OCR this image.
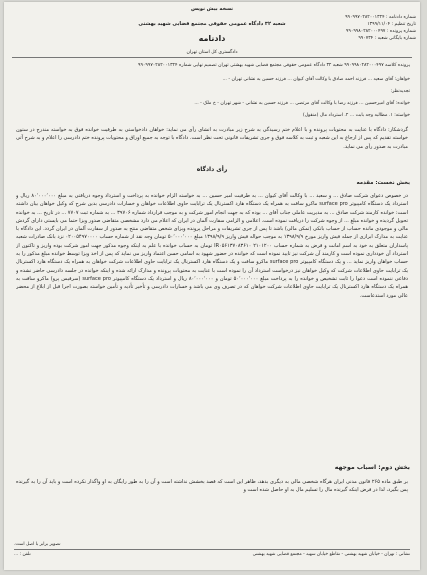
نسخه بیش نویس
شماره دادنامه : ۹۹۰۹۹۷۰۲۸۲۰۰۱۳۲۴
تاریخ تنظیم : ۱۳۹۹/۱۱/۰۴
شماره پرونده : ۹۹۰۹۹۸۰۲۸۲۰۰۰۴۹۷
شماره بایگانی شعبه : ۹۹۰۷۳۴
شعبه ۳۲ دادگاه عمومی حقوقی مجتمع قضایی شهید بهشتی
دادنامه
دادگستری کل استان تهران
پرونده کلاسه ۹۹۰۹۹۸۰۲۸۲۰۰۰۴۹۷ شعبه ۳۲ دادگاه عمومی حقوقی مجتمع قضایی شهید بهشتی تهران تصمیم نهایی شماره ۹۹۰۹۹۷۰۲۸۲۰۰۱۳۲۴
خواهان: آقای سعید ... فرزند احمد صادق با وکالت آقای کیوان ... فرزند حسین به نشانی تهران - ...
تجدیدنظر:
خوانده: آقای امیرحسین ... فرزند رضا با وکالت آقای مرتضی ... فرزند حسین به نشانی - شهر تهران - خ ملک - ...
خواسته: ۱. مطالبه وجه بابت ... ۲. استرداد مال (منقول)
گردشکار: دادگاه با عنایت به محتویات پرونده و با اعلام ختم رسیدگی به شرح زیر مبادرت به انشای رأی می نماید: خواهان دادخواستی به طرفیت خوانده فوق به خواسته مندرج در ستون خواسته تقدیم که پس از ارجاع به این شعبه و ثبت به کلاسه فوق و جری تشریفات قانونی تحت نظر است. دادگاه با توجه به جمیع اوراق و محتویات پرونده ختم دادرسی را اعلام و به شرح آتی مبادرت به صدور رأی می نماید.
رأی دادگاه
بخش نخست: مقدمه
در خصوص دعوای شرکت صادق ... و سعید ... با وکالت آقای کیوان ... به طرفیت امیر حسین ... به خواسته الزام خوانده به پرداخت و استرداد وجوه دریافتی به مبلغ ۸۰٬۰۰۰٬۰۰۰ ریال و استرداد یک دستگاه کامپیوتر surface pro ماکرو سافت به همراه یک دستگاه هارد اکسترنال یک ترابایت حاوی اطلاعات خواهان و خسارات دادرسی بدین شرح که وکیل خواهان بیان داشته است: خوانده کارمند شرکت صادق ... به مدیریت عاملی جناب آقای ... بوده که به جهت انجام امور شرکت و به موجب قرارداد شماره ۳۹۷۰۶ ... به شماره ثبت ۷۷۰۷ ... در تاریخ ... به خوانده تحویل گردیده و خوانده مبلغ ... از وجوه شرکت را دریافت نموده است. اعلامی و الزامی سفارت آلمان در ایران که اعلام می دارد مشخصی متقاضی صدور ویزا حتما می بایستی دارای گردش مالی و موجودی مانده حساب از حساب بانکی (تمکن مالی) باشد تا پس از جری تشریفات و مراحل پرونده ویزای شخص متقاضی منتج به صدور از سفارت آلمان در ایران گردد. این دادگاه با عنایت به مدارک ابرازی از جمله فیش واریز مورخ ۱۳۹۸/۹/۹ به موجب حواله فیش واریز ۱۳۹۸/۹/۹ مبلغ ۵۰٬۰۰۰٬۰۰۰ تومان وجه نقد از شماره حساب ۰۲۰۰۵۴۹۷۰۰۰۰ نزد بانک صادرات شعبه پاسداران متعلق به خود به اسم امانت و قرض به شماره حساب IR۰۵۶۱۳۷۰۸۳۶۱۰ ۲۱۰۱۲۰۰ تومان به حساب خوانده با علم به اینکه وجوه مذکور جهت امور شرکت بوده واریز و تاکنون از استرداد آن خودداری نموده است و کارمند آن شرکت نیز تایید نموده است که خوانده در حضور شهود به اسامی حسن اعتماد واریز می نماید که پس از اخذ ویزا توسط خوانده مبلغ مذکور را به حساب خواهان واریز نماید ... و یک دستگاه کامپیوتر surface pro ماکرو سافت و یک دستگاه هارد اکسترنال یک ترابایت حاوی اطلاعات شرکت خواهان به همراه یک دستگاه هارد اکسترنال یک ترابایت حاوی اطلاعات شرکت که وکیل خواهان نیز درخواست استرداد آن را نموده است با عنایت به محتویات پرونده و مدارک ارائه شده و اینکه خوانده در جلسه دادرسی حاضر نشده و دفاعی ننموده است دعوا را ثابت تشخیص و خوانده را به پرداخت مبلغ ۵۰٬۰۰۰٬۰۰۰ تومان و ۸۰٬۰۰۰٬۰۰۰ ریال و استرداد یک دستگاه کامپیوتر surface pro (سرفیس پرو) ماکرو سافت به همراه یک دستگاه هارد اکسترنال یک ترابایت حاوی اطلاعات شرکت خواهان که در تصرف وی می باشد و خسارات دادرسی و تأخیر تأدیه و تأمین خواسته بصورت اجرا قبل از ابلاغ از محضر عالی مورد استدعاست.
بخش دوم: اسباب موجهه
بر طبق ماده ۲۶۵ قانون مدنی ایران هرگاه شخصی مالی به دیگری بدهد، ظاهر این است که قصد بخشش نداشته است و آن را به طور رایگان به او واگذار نکرده است و باید آن را به گیرنده پس بگیرد، لذا در فرض اینکه گیرنده مال را تسلیم مال به او حاصل شده است و
تصویر برابر با اصل است.
نشانی : تهران - خیابان شهید بهشتی - تقاطع خیابان سهیه - مجتمع قضایی شهید بهشتی
تلفن : ...
